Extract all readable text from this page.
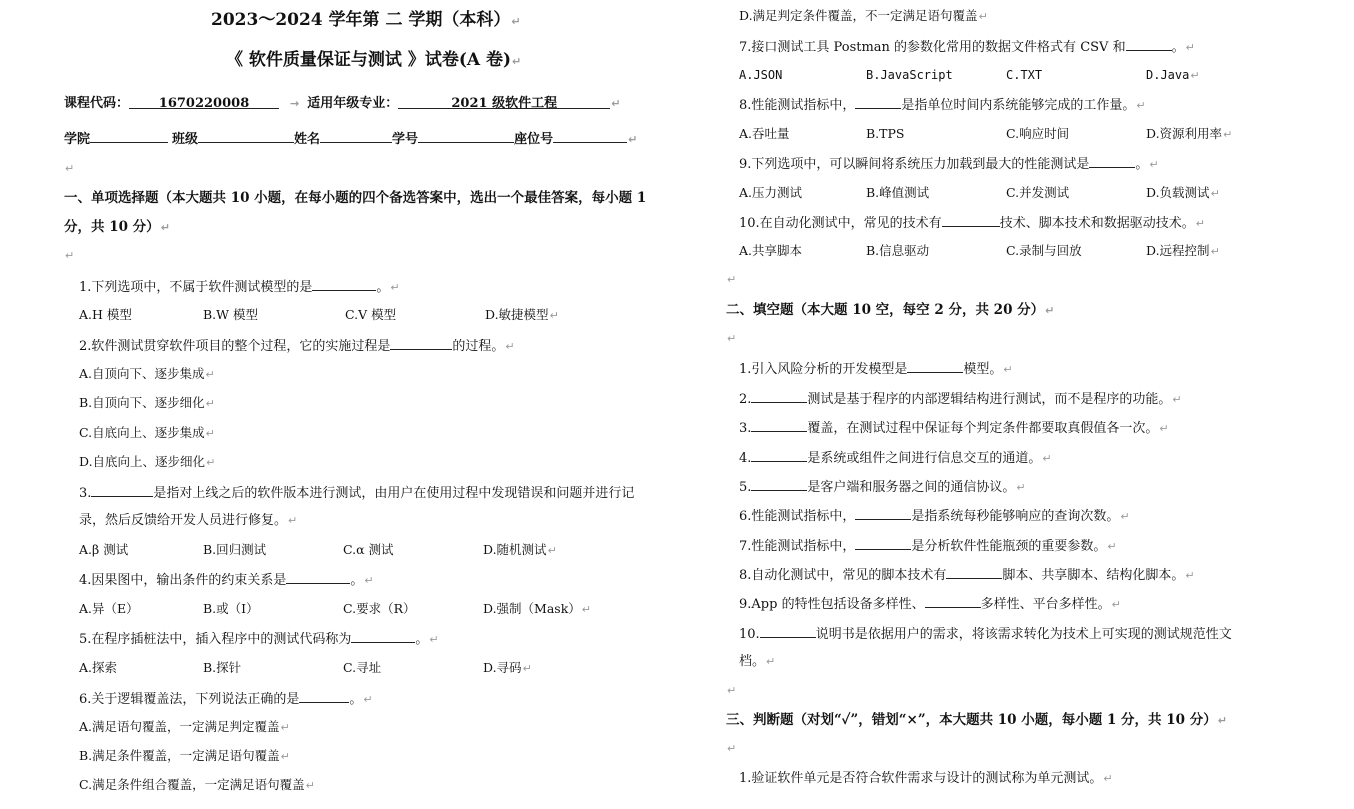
2023～2024 学年第 二 学期（本科）↵
《 软件质量保证与测试 》试卷(A 卷)↵
课程代码： 1670220008	→ 适用年级专业：	2021 级软件工程	↵
学院	班级	姓名	学号	座位号	↵
↵
一、单项选择题（本大题共 10 小题，在每小题的四个备选答案中，选出一个最佳答案，每小题 1
分，共 10 分）↵
↵
1.下列选项中，不属于软件测试模型的是	。↵
A.H 模型	B.W 模型	C.V 模型	D.敏捷模型↵
2.软件测试贯穿软件项目的整个过程，它的实施过程是	的过程。↵
A.自顶向下、逐步集成↵
B.自顶向下、逐步细化↵
C.自底向上、逐步集成↵
D.自底向上、逐步细化↵
3.	是指对上线之后的软件版本进行测试，由用户在使用过程中发现错误和问题并进行记
录，然后反馈给开发人员进行修复。↵
A.β 测试	B.回归测试	C.α 测试	D.随机测试↵
4.因果图中，输出条件的约束关系是	。↵
A.异（E）	B.或（I）	C.要求（R）	D.强制（Mask）↵
5.在程序插桩法中，插入程序中的测试代码称为	。↵
A.探索	B.探针	C.寻址	D.寻码↵
6.关于逻辑覆盖法，下列说法正确的是	。↵
A.满足语句覆盖，一定满足判定覆盖↵
B.满足条件覆盖，一定满足语句覆盖↵
C.满足条件组合覆盖，一定满足语句覆盖↵
D.满足判定条件覆盖，不一定满足语句覆盖↵
7.接口测试工具 Postman 的参数化常用的数据文件格式有 CSV 和	。↵
A.JSON	B.JavaScript	C.TXT	D.Java↵
8.性能测试指标中，	是指单位时间内系统能够完成的工作量。↵
A.吞吐量	B.TPS	C.响应时间	D.资源利用率↵
9.下列选项中，可以瞬间将系统压力加载到最大的性能测试是	。↵
A.压力测试	B.峰值测试	C.并发测试	D.负载测试↵
10.在自动化测试中，常见的技术有	技术、脚本技术和数据驱动技术。↵
A.共享脚本	B.信息驱动	C.录制与回放	D.远程控制↵
↵
二、填空题（本大题 10 空，每空 2 分，共 20 分）↵
↵
1.引入风险分析的开发模型是	模型。↵
2.	测试是基于程序的内部逻辑结构进行测试，而不是程序的功能。↵
3.	覆盖，在测试过程中保证每个判定条件都要取真假值各一次。↵
4.	是系统或组件之间进行信息交互的通道。↵
5.	是客户端和服务器之间的通信协议。↵
6.性能测试指标中，	是指系统每秒能够响应的查询次数。↵
7.性能测试指标中，	是分析软件性能瓶颈的重要参数。↵
8.自动化测试中，常见的脚本技术有	脚本、共享脚本、结构化脚本。↵
9.App 的特性包括设备多样性、	多样性、平台多样性。↵
10.	说明书是依据用户的需求，将该需求转化为技术上可实现的测试规范性文
档。↵
↵
三、判断题（对划“✓”，错划“×”，本大题共 10 小题，每小题 1 分，共 10 分）↵
↵
1.验证软件单元是否符合软件需求与设计的测试称为单元测试。↵
